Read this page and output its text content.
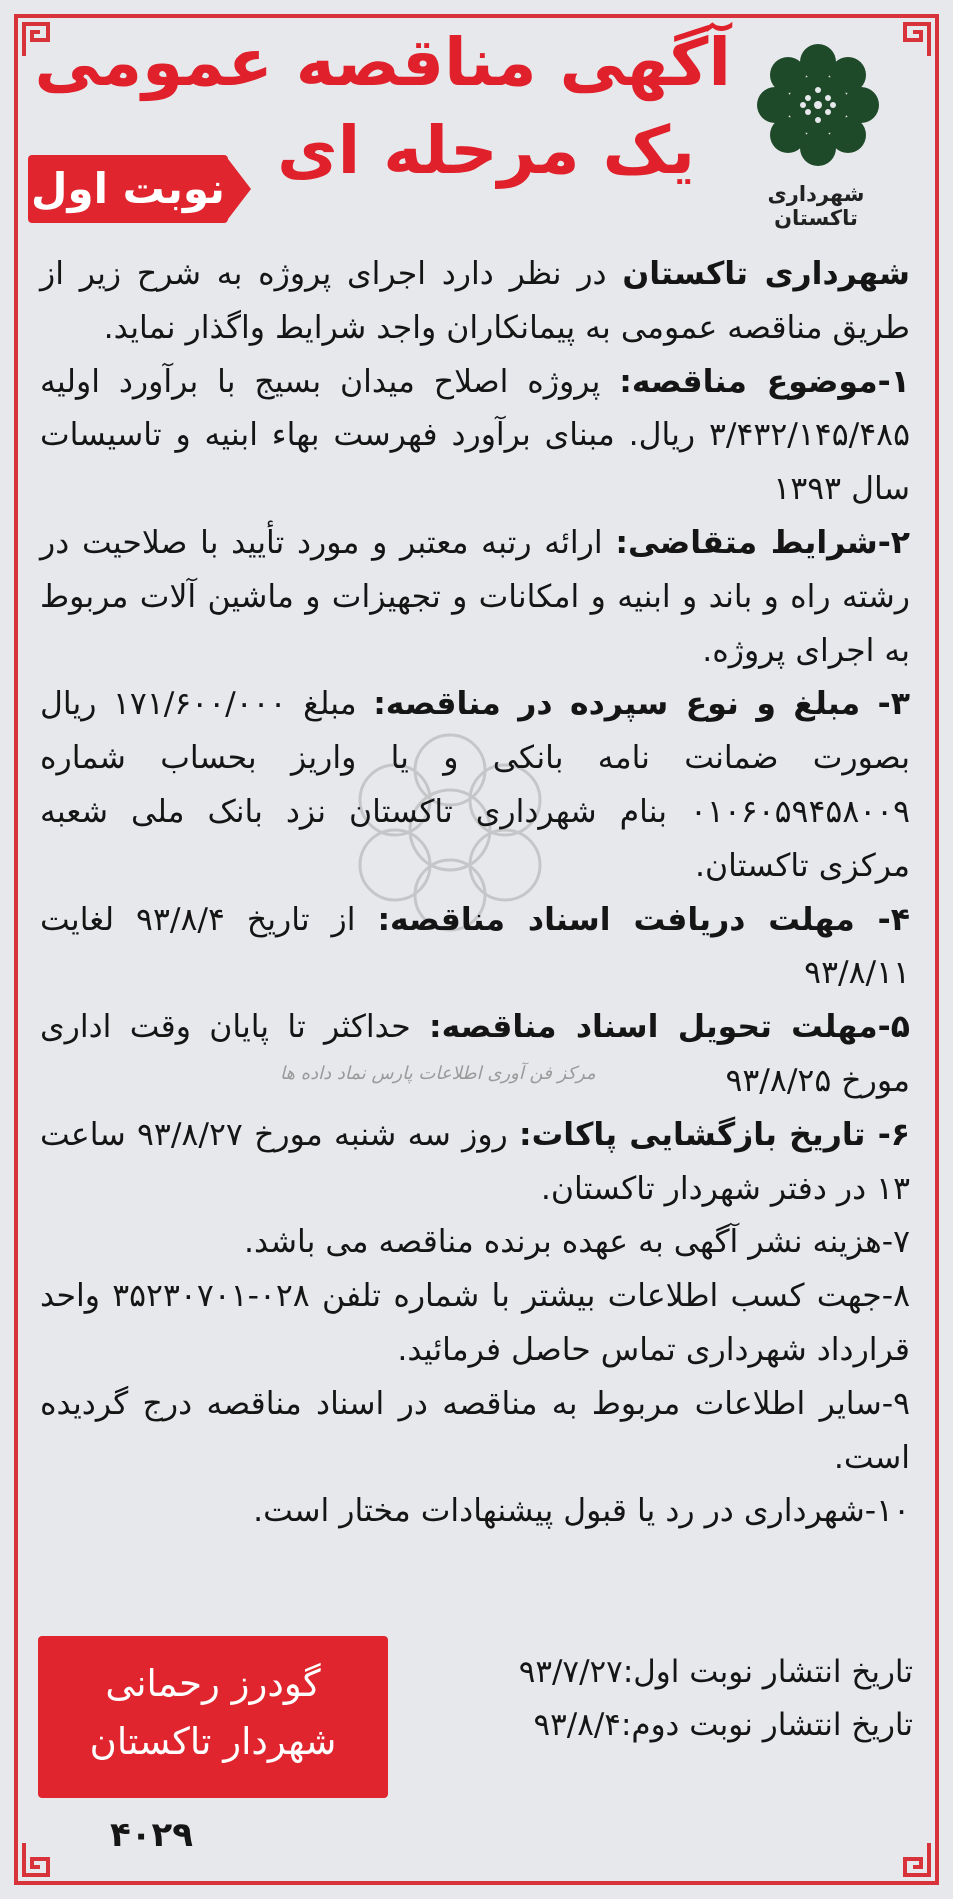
شهرداری تاکستان
آگهی مناقصه عمومی
یک مرحله ای
نوبت اول

شهرداری تاکستان در نظر دارد اجرای پروژه به شرح زیر از طریق مناقصه عمومی به پیمانکاران واجد شرایط واگذار نماید.

۱-موضوع مناقصه: پروژه اصلاح میدان بسیج با برآورد اولیه ۳/۴۳۲/۱۴۵/۴۸۵ ریال. مبنای برآورد فهرست بهاء ابنیه و تاسیسات سال ۱۳۹۳

۲-شرایط متقاضی: ارائه رتبه معتبر و مورد تأیید با صلاحیت در رشته راه و باند و ابنیه و امکانات و تجهیزات و ماشین آلات مربوط به اجرای پروژه.

۳- مبلغ و نوع سپرده در مناقصه: مبلغ ۱۷۱/۶۰۰/۰۰۰ ریال بصورت ضمانت نامه بانکی و یا واریز بحساب شماره ۰۱۰۶۰۵۹۴۵۸۰۰۹ بنام شهرداری تاکستان نزد بانک ملی شعبه مرکزی تاکستان.

۴- مهلت دریافت اسناد مناقصه: از تاریخ ۹۳/۸/۴ لغایت ۹۳/۸/۱۱

۵-مهلت تحویل اسناد مناقصه: حداکثر تا پایان وقت اداری مورخ ۹۳/۸/۲۵

۶- تاریخ بازگشایی پاکات: روز سه شنبه مورخ ۹۳/۸/۲۷ ساعت ۱۳ در دفتر شهردار تاکستان.

۷-هزینه نشر آگهی به عهده برنده مناقصه می باشد.

۸-جهت کسب اطلاعات بیشتر با شماره تلفن ۰۲۸-۳۵۲۳۰۷۰۱ واحد قرارداد شهرداری تماس حاصل فرمائید.

۹-سایر اطلاعات مربوط به مناقصه در اسناد مناقصه درج گردیده است.

۱۰-شهرداری در رد یا قبول پیشنهادات مختار است.

مرکز فن آوری اطلاعات پارس نماد داده ها
گودرز رحمانی
شهردار تاکستان
تاریخ انتشار نوبت اول:۹۳/۷/۲۷
تاریخ انتشار نوبت دوم:۹۳/۸/۴
۴۰۲۹
